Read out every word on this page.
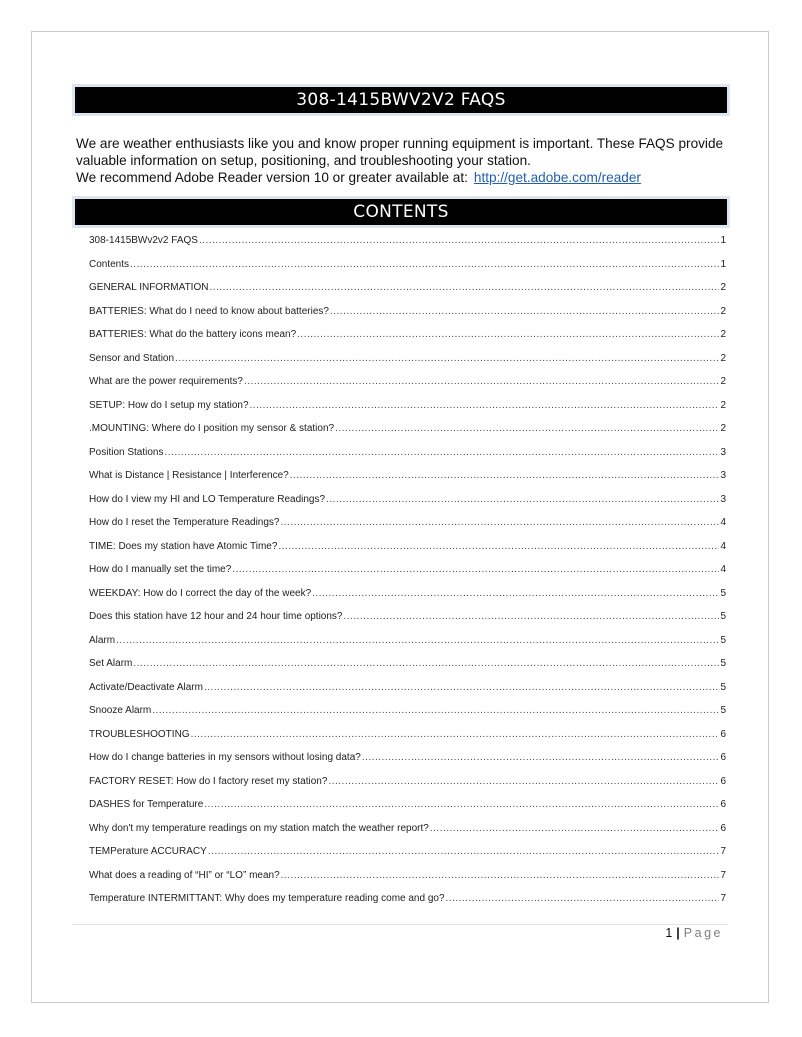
308-1415BWV2V2 FAQS

We are weather enthusiasts like you and know proper running equipment is important. These FAQS provide

valuable information on setup, positioning, and troubleshooting your station.

We recommend Adobe Reader version 10 or greater available at: http://get.adobe.com/reader

CONTENTS
308-1415BWv2v2 FAQS .....	1
Contents .....	1
GENERAL INFORMATION .....	2
BATTERIES: What do I need to know about batteries? .....	2
BATTERIES: What do the battery icons mean? .....	2
Sensor and Station .....	2
What are the power requirements? .....	2
SETUP: How do I setup my station? .....	2
.MOUNTING: Where do I position my sensor & station? .....	2
Position Stations .....	3
What is Distance | Resistance | Interference? .....	3
How do I view my HI and LO Temperature Readings? .....	3
How do I reset the Temperature Readings? .....	4
TIME: Does my station have Atomic Time? .....	4
How do I manually set the time? .....	4
WEEKDAY: How do I correct the day of the week? .....	5
Does this station have 12 hour and 24 hour time options? .....	5
Alarm .....	5
Set Alarm .....	5
Activate/Deactivate Alarm .....	5
Snooze Alarm .....	5
TROUBLESHOOTING .....	6
How do I change batteries in my sensors without losing data? .....	6
FACTORY RESET: How do I factory reset my station? .....	6
DASHES for Temperature .....	6
Why don't my temperature readings on my station match the weather report? .....	6
TEMPerature ACCURACY .....	7
What does a reading of “HI” or “LO” mean? .....	7
Temperature INTERMITTANT: Why does my temperature reading come and go? .....	7
1 | Page
